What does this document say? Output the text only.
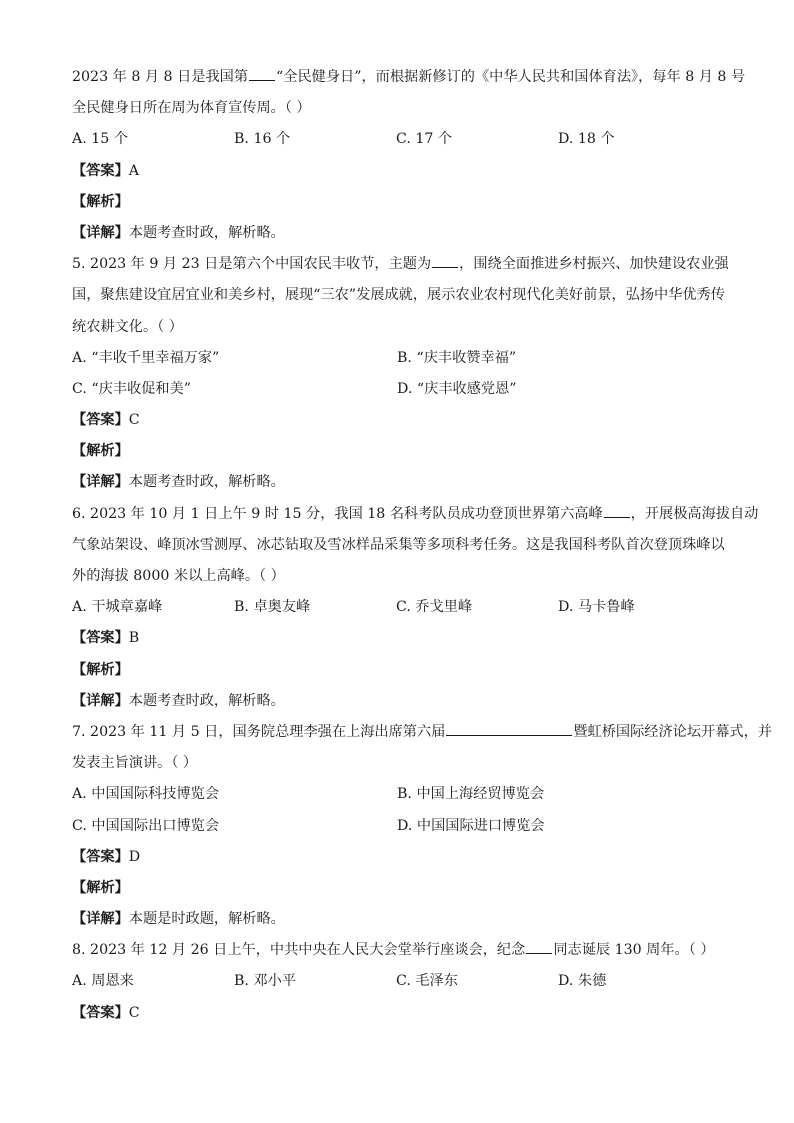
2023 年 8 月 8 日是我国第 “全民健身日”，而根据新修订的《中华人民共和国体育法》，每年 8 月 8 号
全民健身日所在周为体育宣传周。（ ）
A. 15 个	B. 16 个	C. 17 个	D. 18 个
【答案】A
【解析】
【详解】本题考查时政，解析略。
5. 2023 年 9 月 23 日是第六个中国农民丰收节，主题为 ，围绕全面推进乡村振兴、加快建设农业强
国，聚焦建设宜居宜业和美乡村，展现“三农”发展成就，展示农业农村现代化美好前景，弘扬中华优秀传
统农耕文化。（ ）
A. “丰收千里幸福万家”	B. “庆丰收赞幸福”
C. “庆丰收促和美”	D. “庆丰收感党恩”
【答案】C
【解析】
【详解】本题考查时政，解析略。
6. 2023 年 10 月 1 日上午 9 时 15 分，我国 18 名科考队员成功登顶世界第六高峰 ，开展极高海拔自动
气象站架设、峰顶冰雪测厚、冰芯钻取及雪冰样品采集等多项科考任务。这是我国科考队首次登顶珠峰以
外的海拔 8000 米以上高峰。（ ）
A. 干城章嘉峰	B. 卓奥友峰	C. 乔戈里峰	D. 马卡鲁峰
【答案】B
【解析】
【详解】本题考查时政，解析略。
7. 2023 年 11 月 5 日，国务院总理李强在上海出席第六届	暨虹桥国际经济论坛开幕式，并
发表主旨演讲。（ ）
A. 中国国际科技博览会	B. 中国上海经贸博览会
C. 中国国际出口博览会	D. 中国国际进口博览会
【答案】D
【解析】
【详解】本题是时政题，解析略。
8. 2023 年 12 月 26 日上午，中共中央在人民大会堂举行座谈会，纪念 同志诞辰 130 周年。（ ）
A. 周恩来	B. 邓小平	C. 毛泽东	D. 朱德
【答案】C
